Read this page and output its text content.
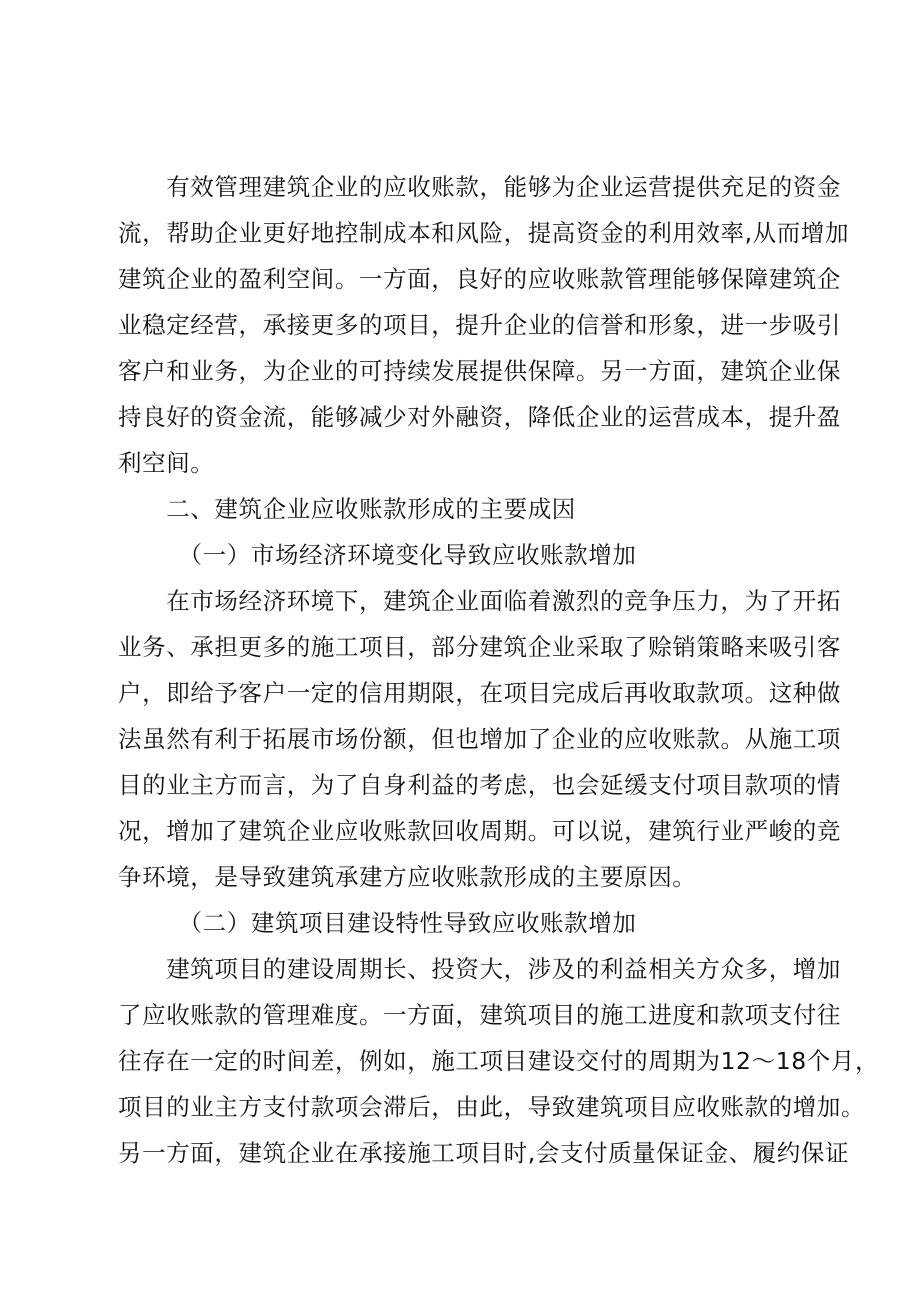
　　有效管理建筑企业的应收账款，能够为企业运营提供充足的资金

流，帮助企业更好地控制成本和风险，提高资金的利用效率,从而增加

建筑企业的盈利空间。一方面，良好的应收账款管理能够保障建筑企

业稳定经营，承接更多的项目，提升企业的信誉和形象，进一步吸引

客户和业务，为企业的可持续发展提供保障。另一方面，建筑企业保

持良好的资金流，能够减少对外融资，降低企业的运营成本，提升盈

利空间。

　　二、建筑企业应收账款形成的主要成因

　　　（一）市场经济环境变化导致应收账款增加

　　在市场经济环境下，建筑企业面临着激烈的竞争压力，为了开拓

业务、承担更多的施工项目，部分建筑企业采取了赊销策略来吸引客

户，即给予客户一定的信用期限，在项目完成后再收取款项。这种做

法虽然有利于拓展市场份额，但也增加了企业的应收账款。从施工项

目的业主方而言，为了自身利益的考虑，也会延缓支付项目款项的情

况，增加了建筑企业应收账款回收周期。可以说，建筑行业严峻的竞

争环境，是导致建筑承建方应收账款形成的主要原因。

　　　（二）建筑项目建设特性导致应收账款增加

　　建筑项目的建设周期长、投资大，涉及的利益相关方众多，增加

了应收账款的管理难度。一方面，建筑项目的施工进度和款项支付往

往存在一定的时间差，例如，施工项目建设交付的周期为12～18个月，

项目的业主方支付款项会滞后，由此，导致建筑项目应收账款的增加。

另一方面，建筑企业在承接施工项目时,会支付质量保证金、履约保证
